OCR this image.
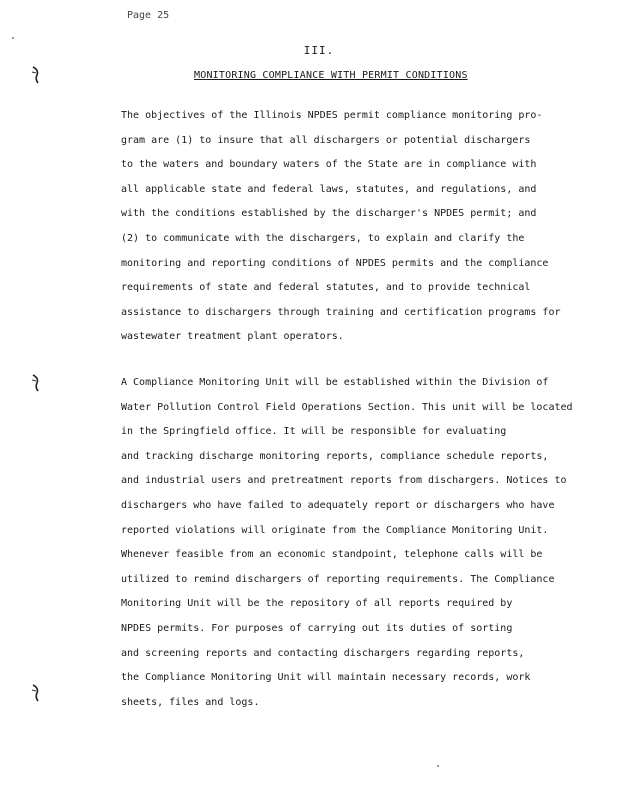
Page 25
III.
MONITORING COMPLIANCE WITH PERMIT CONDITIONS
The objectives of the Illinois NPDES permit compliance monitoring pro-
gram are (1) to insure that all dischargers or potential dischargers
to the waters and boundary waters of the State are in compliance with
all applicable state and federal laws, statutes, and regulations, and
with the conditions established by the discharger's NPDES permit; and
(2) to communicate with the dischargers, to explain and clarify the
monitoring and reporting conditions of NPDES permits and the compliance
requirements of state and federal statutes, and to provide technical
assistance to dischargers through training and certification programs for
wastewater treatment plant operators.
A Compliance Monitoring Unit will be established within the Division of
Water Pollution Control Field Operations Section. This unit will be located
in the Springfield office. It will be responsible for evaluating
and tracking discharge monitoring reports, compliance schedule reports,
and industrial users and pretreatment reports from dischargers. Notices to
dischargers who have failed to adequately report or dischargers who have
reported violations will originate from the Compliance Monitoring Unit.
Whenever feasible from an economic standpoint, telephone calls will be
utilized to remind dischargers of reporting requirements. The Compliance
Monitoring Unit will be the repository of all reports required by
NPDES permits. For purposes of carrying out its duties of sorting
and screening reports and contacting dischargers regarding reports,
the Compliance Monitoring Unit will maintain necessary records, work
sheets, files and logs.
